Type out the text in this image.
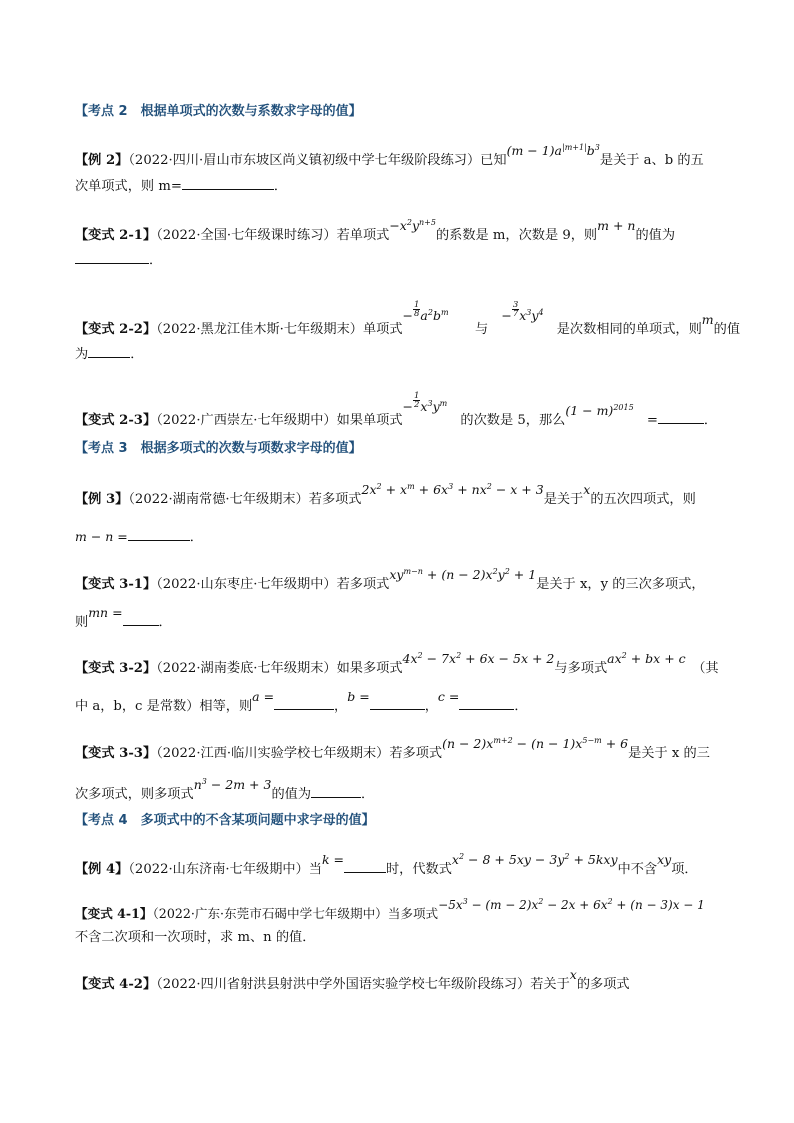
【考点 2　根据单项式的次数与系数求字母的值】
【例 2】（2022·四川·眉山市东坡区尚义镇初级中学七年级阶段练习）已知$(m - 1)a^{|m+1|}b^3$是关于 a、b 的五
次单项式，则 m=	．
【变式 2-1】（2022·全国·七年级课时练习）若单项式$-x^2y^{n+5}$的系数是 m，次数是 9，则m + n的值为
．
【变式 2-2】（2022·黑龙江佳木斯·七年级期末）单项式− $\frac{1}{8} a^2b^m$　　与　− $\frac{3}{7} x^3y^4$　是次数相同的单项式，则m的值
为	．
【变式 2-3】（2022·广西崇左·七年级期中）如果单项式− $\frac{1}{2} x^3y^m$　的次数是 5，那么$(1 - m)^{2015}$　=	．
【考点 3　根据多项式的次数与项数求字母的值】
【例 3】（2022·湖南常德·七年级期末）若多项式$2x^2 + x^m + 6x^3 + nx^2 - x + 3$是关于x的五次四项式，则
m − n =	．
【变式 3-1】（2022·山东枣庄·七年级期中）若多项式$xy^{m-n} + (n - 2)x^2y^2 + 1$是关于 x，y 的三次多项式，
则mn =．
【变式 3-2】（2022·湖南娄底·七年级期末）如果多项式$4x^2 - 7x^2 + 6x - 5x + 2$与多项式$ax^2$ + bx + c　（其
中 a，b，c 是常数）相等，则a =，b =，c =．
【变式 3-3】（2022·江西·临川实验学校七年级期末）若多项式$(n - 2)x^{m+2} - (n - 1)x^{5-m} + 6$是关于 x 的三
次多项式，则多项式$n^3 - 2m + 3$的值为	．
【考点 4　多项式中的不含某项问题中求字母的值】
【例 4】（2022·山东济南·七年级期中）当k =时，代数式$x^2 - 8 + 5xy - 3y^2 + 5kxy$中不含xy项．
【变式 4-1】（2022·广东·东莞市石碣中学七年级期中）当多项式$-5x^3 - (m - 2)x^2 - 2x + 6x^2 + (n - 3)x - 1$
不含二次项和一次项时，求 m、n 的值．
【变式 4-2】（2022·四川省射洪县射洪中学外国语实验学校七年级阶段练习）若关于x的多项式
